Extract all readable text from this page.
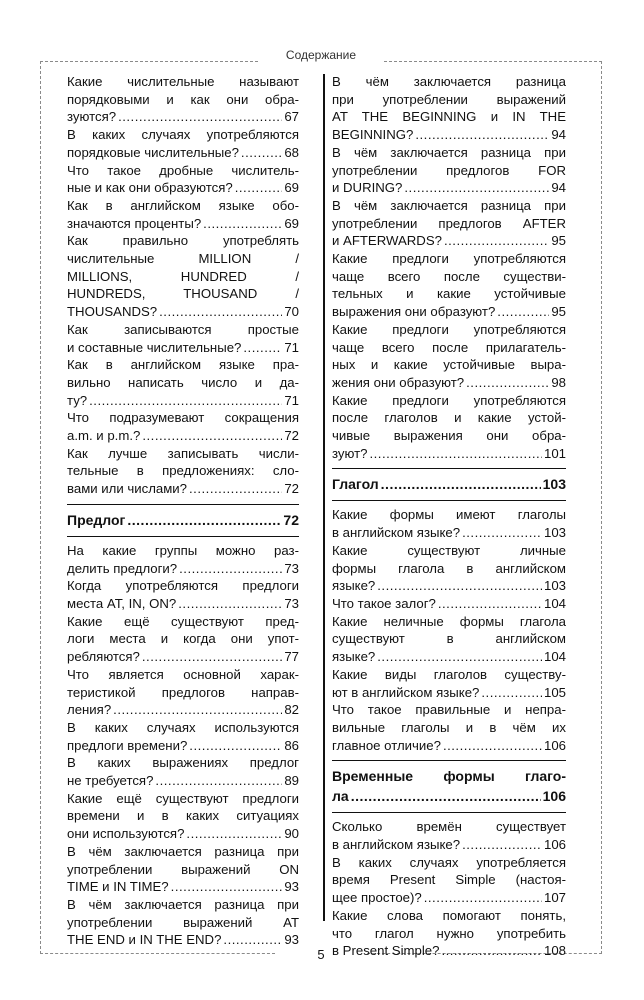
Содержание
5
Какие числительные называют
порядковыми и как они обра-
зуются? .....	67
В каких случаях употребляются
порядковые числительные? .....	68
Что такое дробные числитель-
ные и как они образуются? .....	69
Как в английском языке обо-
значаются проценты? .....	69
Как правильно употреблять
числительные MILLION /
MILLIONS, HUNDRED /
HUNDREDS, THOUSAND /
THOUSANDS? .....	70
Как записываются простые
и составные числительные? .....	71
Как в английском языке пра-
вильно написать число и да-
ту? .....	71
Что подразумевают сокращения
a.m. и p.m.? .....	72
Как лучше записывать числи-
тельные в предложениях: сло-
вами или числами? .....	72
Предлог .....	72
На какие группы можно раз-
делить предлоги? .....	73
Когда употребляются предлоги
места AT, IN, ON? .....	73
Какие ещё существуют пред-
логи места и когда они упот-
ребляются? .....	77
Что является основной харак-
теристикой предлогов направ-
ления? .....	82
В каких случаях используются
предлоги времени? .....	86
В каких выражениях предлог
не требуется? .....	89
Какие ещё существуют предлоги
времени и в каких ситуациях
они используются? .....	90
В чём заключается разница при
употреблении выражений ON
TIME и IN TIME? .....	93
В чём заключается разница при
употреблении выражений AT
THE END и IN THE END? .....	93
В чём заключается разница
при употреблении выражений
AT THE BEGINNING и IN THE
BEGINNING? .....	94
В чём заключается разница при
употреблении предлогов FOR
и DURING? .....	94
В чём заключается разница при
употреблении предлогов AFTER
и AFTERWARDS? .....	95
Какие предлоги употребляются
чаще всего после существи-
тельных и какие устойчивые
выражения они образуют? .....	95
Какие предлоги употребляются
чаще всего после прилагатель-
ных и какие устойчивые выра-
жения они образуют? .....	98
Какие предлоги употребляются
после глаголов и какие устой-
чивые выражения они обра-
зуют? .....	101
Глагол .....	103
Какие формы имеют глаголы
в английском языке? .....	103
Какие существуют личные
формы глагола в английском
языке? .....	103
Что такое залог? .....	104
Какие неличные формы глагола
существуют в английском
языке? .....	104
Какие виды глаголов существу-
ют в английском языке? .....	105
Что такое правильные и непра-
вильные глаголы и в чём их
главное отличие? .....	106
Временные формы глаго-
ла .....	106
Сколько времён существует
в английском языке? .....	106
В каких случаях употребляется
время Present Simple (настоя-
щее простое)? .....	107
Какие слова помогают понять,
что глагол нужно употребить
в Present Simple? .....	108
